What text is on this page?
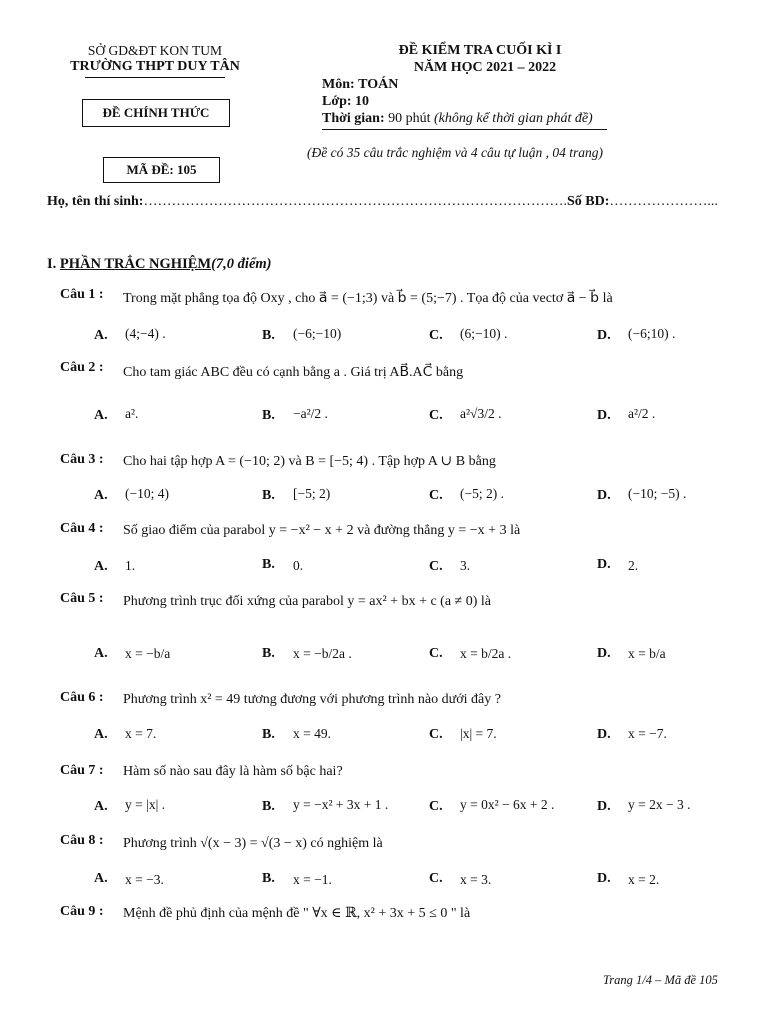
SỞ GD&ĐT KON TUM
TRƯỜNG THPT DUY TÂN
ĐỀ CHÍNH THỨC
MÃ ĐỀ: 105
ĐỀ KIỂM TRA CUỐI KÌ I
NĂM HỌC 2021 – 2022
Môn: TOÁN
Lớp: 10
Thời gian: 90 phút (không kể thời gian phát đề)
(Đề có 35 câu trắc nghiệm và 4 câu tự luận , 04 trang)
Họ, tên thí sinh:……………………………………………………………………………….Số BD:…………………...
I. PHẦN TRẮC NGHIỆM(7,0 điểm)
Câu 1 : Trong mặt phẳng tọa độ Oxy , cho a⃗ = (−1;3) và b⃗ = (5;−7) . Tọa độ của vectơ a⃗ − b⃗ là
A. (4;−4) .	B. (−6;−10)	C. (6;−10) .	D. (−6;10) .
Câu 2 : Cho tam giác ABC đều có cạnh bằng a . Giá trị AB⃗.AC⃗ bằng
A. a².	B. −a²/2 .	C. a²√3/2 .	D. a²/2 .
Câu 3 : Cho hai tập hợp A = (−10; 2) và B = [−5; 4) . Tập hợp A ∪ B bằng
A. (−10; 4)	B. [−5; 2)	C. (−5; 2) .	D. (−10; −5) .
Câu 4 : Số giao điểm của parabol y = −x² − x + 2 và đường thẳng y = −x + 3 là
A. 1.	B. 0.	C. 3.	D. 2.
Câu 5 : Phương trình trục đối xứng của parabol y = ax² + bx + c (a ≠ 0) là
A. x = −b/a	B. x = −b/2a .	C. x = b/2a .	D. x = b/a
Câu 6 : Phương trình x² = 49 tương đương với phương trình nào dưới đây ?
A. x = 7.	B. x = 49.	C. |x| = 7.	D. x = −7.
Câu 7 : Hàm số nào sau đây là hàm số bậc hai?
A. y = |x| .	B. y = −x² + 3x + 1 .	C. y = 0x² − 6x + 2 .	D. y = 2x − 3 .
Câu 8 : Phương trình √(x − 3) = √(3 − x) có nghiệm là
A. x = −3.	B. x = −1.	C. x = 3.	D. x = 2.
Câu 9 : Mệnh đề phủ định của mệnh đề " ∀x ∈ ℝ, x² + 3x + 5 ≤ 0 " là
Trang 1/4 – Mã đề 105
